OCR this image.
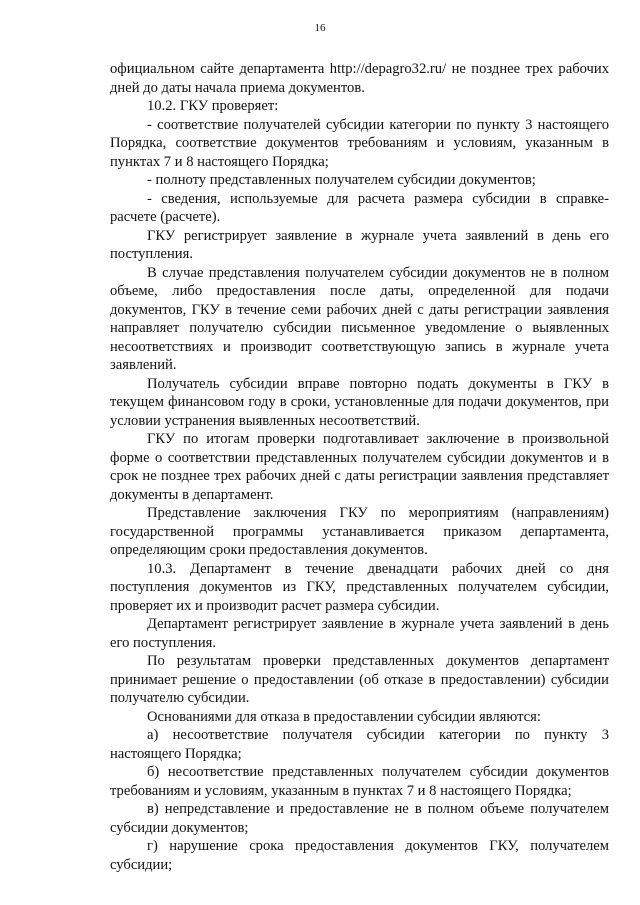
16

официальном сайте департамента http://depagro32.ru/ не позднее трех рабочих дней до даты начала приема документов.

10.2. ГКУ проверяет:

- соответствие получателей субсидии категории по пункту 3 настоящего Порядка, соответствие документов требованиям и условиям, указанным в пунктах 7 и 8 настоящего Порядка;

- полноту представленных получателем субсидии документов;

- сведения, используемые для расчета размера субсидии в справке-расчете (расчете).

ГКУ регистрирует заявление в журнале учета заявлений в день его поступления.

В случае представления получателем субсидии документов не в полном объеме, либо предоставления после даты, определенной для подачи документов, ГКУ в течение семи рабочих дней с даты регистрации заявления направляет получателю субсидии письменное уведомление о выявленных несоответствиях и производит соответствующую запись в журнале учета заявлений.

Получатель субсидии вправе повторно подать документы в ГКУ в текущем финансовом году в сроки, установленные для подачи документов, при условии устранения выявленных несоответствий.

ГКУ по итогам проверки подготавливает заключение в произвольной форме о соответствии представленных получателем субсидии документов и в срок не позднее трех рабочих дней с даты регистрации заявления представляет документы в департамент.

Представление заключения ГКУ по мероприятиям (направлениям) государственной программы устанавливается приказом департамента, определяющим сроки предоставления документов.

10.3. Департамент в течение двенадцати рабочих дней со дня поступления документов из ГКУ, представленных получателем субсидии, проверяет их и производит расчет размера субсидии.

Департамент регистрирует заявление в журнале учета заявлений в день его поступления.

По результатам проверки представленных документов департамент принимает решение о предоставлении (об отказе в предоставлении) субсидии получателю субсидии.

Основаниями для отказа в предоставлении субсидии являются:

а) несоответствие получателя субсидии категории по пункту 3 настоящего Порядка;

б) несоответствие представленных получателем субсидии документов требованиям и условиям, указанным в пунктах 7 и 8 настоящего Порядка;

в) непредставление и предоставление не в полном объеме получателем субсидии документов;

г) нарушение срока предоставления документов ГКУ, получателем субсидии;
